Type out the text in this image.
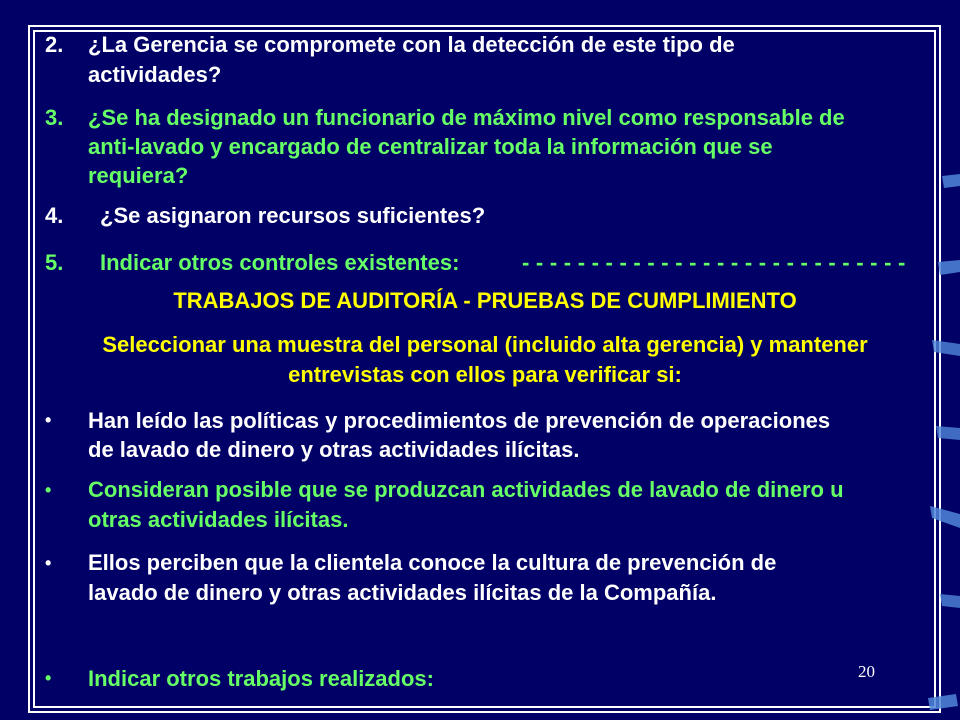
2. ¿La Gerencia se compromete con la detección de este tipo de
actividades?
3. ¿Se ha designado un funcionario de máximo nivel como responsable de
anti-lavado y encargado de centralizar toda la información que se
requiera?
4. ¿Se asignaron recursos suficientes?
5. Indicar otros controles existentes:	----------------------------
TRABAJOS DE AUDITORÍA - PRUEBAS DE CUMPLIMIENTO
Seleccionar una muestra del personal (incluido alta gerencia) y mantener
entrevistas con ellos para verificar si:
• Han leído las políticas y procedimientos de prevención de operaciones
de lavado de dinero y otras actividades ilícitas.
• Consideran posible que se produzcan actividades de lavado de dinero u
otras actividades ilícitas.
• Ellos perciben que la clientela conoce la cultura de prevención de
lavado de dinero y otras actividades ilícitas de la Compañía.
• Indicar otros trabajos realizados:	20
